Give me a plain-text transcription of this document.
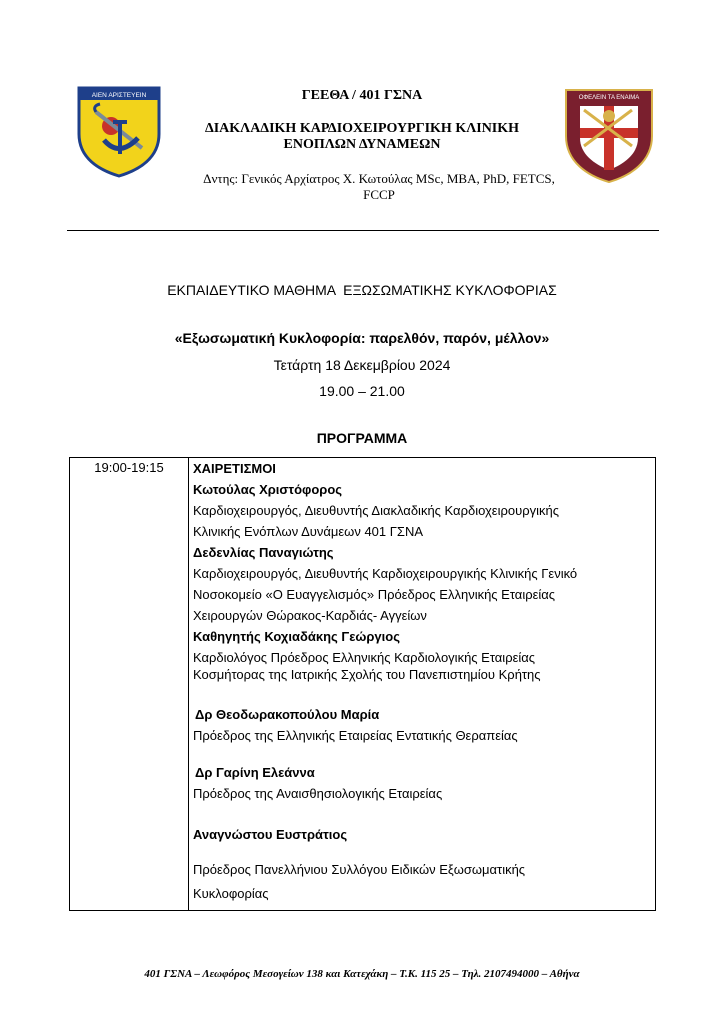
ΑΙΕΝ ΑΡΙΣΤΕΥΕΙΝ	ΟΦΕΛΕΙΝ ΤΑ ΕΝΑΙΜΑ
ΓΕΕΘΑ / 401 ΓΣΝΑ
ΔΙΑΚΛΑΔΙΚΗ ΚΑΡΔΙΟΧΕΙΡΟΥΡΓΙΚΗ ΚΛΙΝΙΚΗ
ΕΝΟΠΛΩΝ ΔΥΝΑΜΕΩΝ
Δντης: Γενικός Αρχίατρος Χ. Κωτούλας MSc, MBA, PhD, FETCS,
FCCP
ΕΚΠΑΙΔΕΥΤΙΚΟ ΜΑΘΗΜΑ  ΕΞΩΣΩΜΑΤΙΚΗΣ ΚΥΚΛΟΦΟΡΙΑΣ
«Εξωσωματική Κυκλοφορία: παρελθόν, παρόν, μέλλον»
Τετάρτη 18 Δεκεμβρίου 2024
19.00 – 21.00
ΠΡΟΓΡΑΜΜΑ
19:00-19:15	ΧΑΙΡΕΤΙΣΜΟΙ
Κωτούλας Χριστόφορος
Καρδιοχειρουργός, Διευθυντής Διακλαδικής Καρδιοχειρουργικής
Κλινικής Ενόπλων Δυνάμεων 401 ΓΣΝΑ
Δεδενλίας Παναγιώτης
Καρδιοχειρουργός, Διευθυντής Καρδιοχειρουργικής Κλινικής Γενικό
Νοσοκομείο «Ο Ευαγγελισμός» Πρόεδρος Ελληνικής Εταιρείας
Χειρουργών Θώρακος-Καρδιάς- Αγγείων
Καθηγητής Κοχιαδάκης Γεώργιος
Καρδιολόγος Πρόεδρος Ελληνικής Καρδιολογικής Εταιρείας
Κοσμήτορας της Ιατρικής Σχολής του Πανεπιστημίου Κρήτης
Δρ Θεοδωρακοπούλου Μαρία
Πρόεδρος της Ελληνικής Εταιρείας Εντατικής Θεραπείας
Δρ Γαρίνη Ελεάννα
Πρόεδρος της Αναισθησιολογικής Εταιρείας
Αναγνώστου Ευστράτιος
Πρόεδρος Πανελλήνιου Συλλόγου Ειδικών Εξωσωματικής
Κυκλοφορίας
401 ΓΣΝΑ – Λεωφόρος Μεσογείων 138 και Κατεχάκη – Τ.Κ. 115 25 – Τηλ. 2107494000 – Αθήνα
